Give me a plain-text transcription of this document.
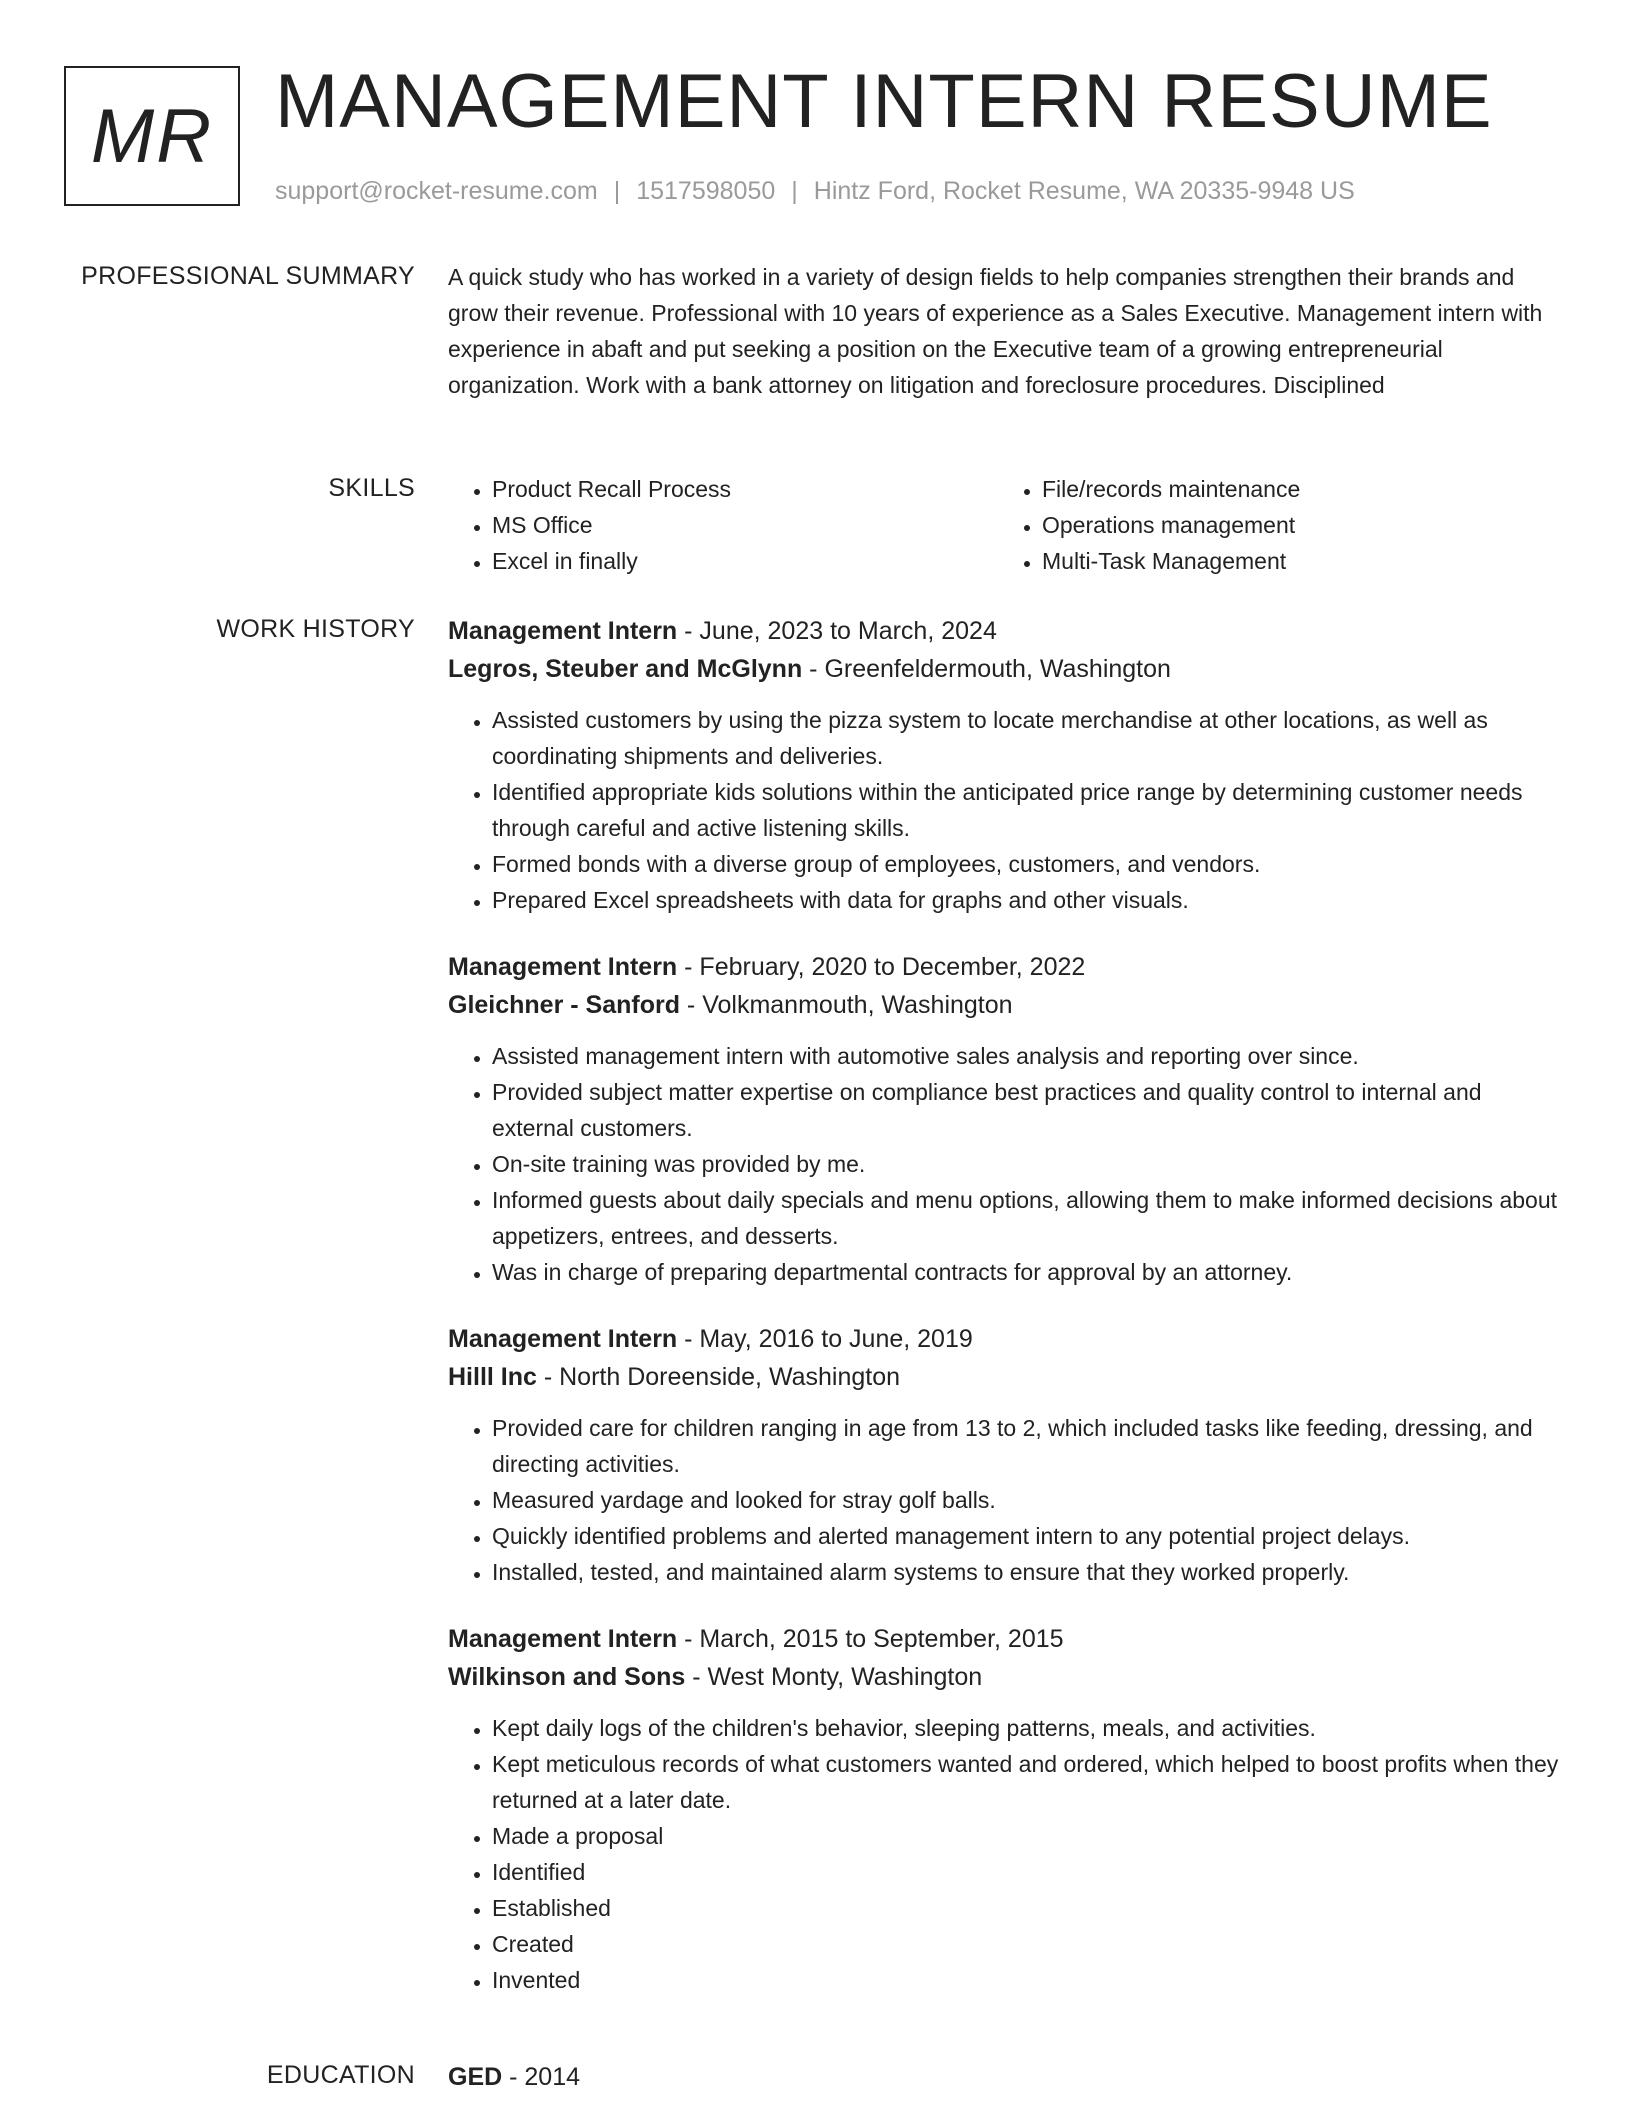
MR MANAGEMENT INTERN RESUME
support@rocket-resume.com | 1517598050 | Hintz Ford, Rocket Resume, WA 20335-9948 US
PROFESSIONAL SUMMARY A quick study who has worked in a variety of design fields to help companies strengthen their brands and grow their revenue. Professional with 10 years of experience as a Sales Executive. Management intern with experience in abaft and put seeking a position on the Executive team of a growing entrepreneurial organization. Work with a bank attorney on litigation and foreclosure procedures. Disciplined

SKILLS
•	Product Recall Process
• MS Office
• Excel in finally
• File/records maintenance
• Operations management
• Multi-Task Management
WORK HISTORY Management Intern - June, 2023 to March, 2024
Legros, Steuber and McGlynn - Greenfeldermouth, Washington
• Assisted customers by using the pizza system to locate merchandise at other locations, as well as coordinating shipments and deliveries.
• Identified appropriate kids solutions within the anticipated price range by determining customer needs through careful and active listening skills.
• Formed bonds with a diverse group of employees, customers, and vendors.
• Prepared Excel spreadsheets with data for graphs and other visuals.
Management Intern - February, 2020 to December, 2022
Gleichner - Sanford - Volkmanmouth, Washington
• Assisted management intern with automotive sales analysis and reporting over since.
• Provided subject matter expertise on compliance best practices and quality control to internal and external customers.
• On-site training was provided by me.
• Informed guests about daily specials and menu options, allowing them to make informed decisions about appetizers, entrees, and desserts.
• Was in charge of preparing departmental contracts for approval by an attorney.
Management Intern - May, 2016 to June, 2019
Hilll Inc - North Doreenside, Washington
• Provided care for children ranging in age from 13 to 2, which included tasks like feeding, dressing, and directing activities.
• Measured yardage and looked for stray golf balls.
• Quickly identified problems and alerted management intern to any potential project delays.
• Installed, tested, and maintained alarm systems to ensure that they worked properly.
Management Intern - March, 2015 to September, 2015
Wilkinson and Sons - West Monty, Washington
• Kept daily logs of the children's behavior, sleeping patterns, meals, and activities.
• Kept meticulous records of what customers wanted and ordered, which helped to boost profits when they returned at a later date.
• Made a proposal
• Identified
• Established
• Created
• Invented
EDUCATION GED - 2014
